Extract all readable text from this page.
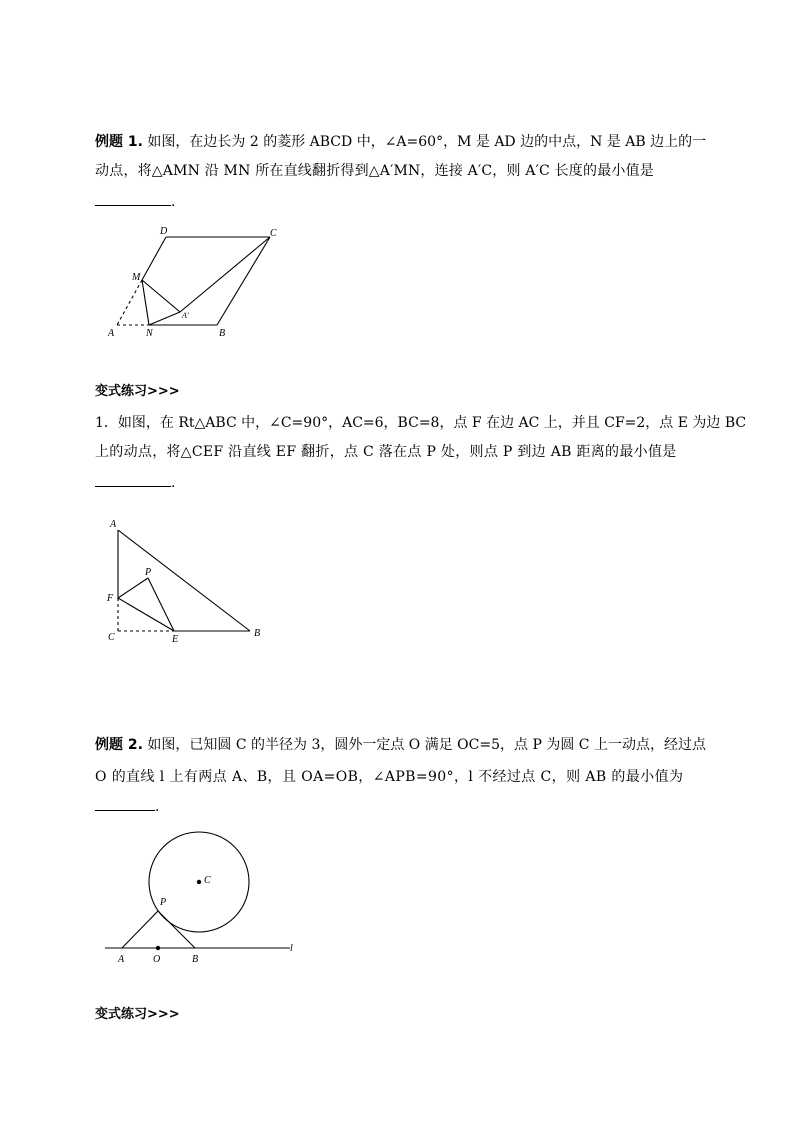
例题 1. 如图，在边长为 2 的菱形 ABCD 中，∠A=60°，M 是 AD 边的中点，N 是 AB 边上的一
动点，将△AMN 沿 MN 所在直线翻折得到△A′MN，连接 A′C，则 A′C 长度的最小值是
.
D	C
M
A′
A	N	B
变式练习>>>
1．如图，在 Rt△ABC 中，∠C=90°，AC=6，BC=8，点 F 在边 AC 上，并且 CF=2，点 E 为边 BC
上的动点，将△CEF 沿直线 EF 翻折，点 C 落在点 P 处，则点 P 到边 AB 距离的最小值是
.
A
P
F
C	E
B
例题 2. 如图，已知圆 C 的半径为 3，圆外一定点 O 满足 OC=5，点 P 为圆 C 上一动点，经过点
O 的直线 l 上有两点 A、B，且 OA=OB，∠APB=90°，l 不经过点 C，则 AB 的最小值为
.
C
P
A	O	B
l
变式练习>>>
